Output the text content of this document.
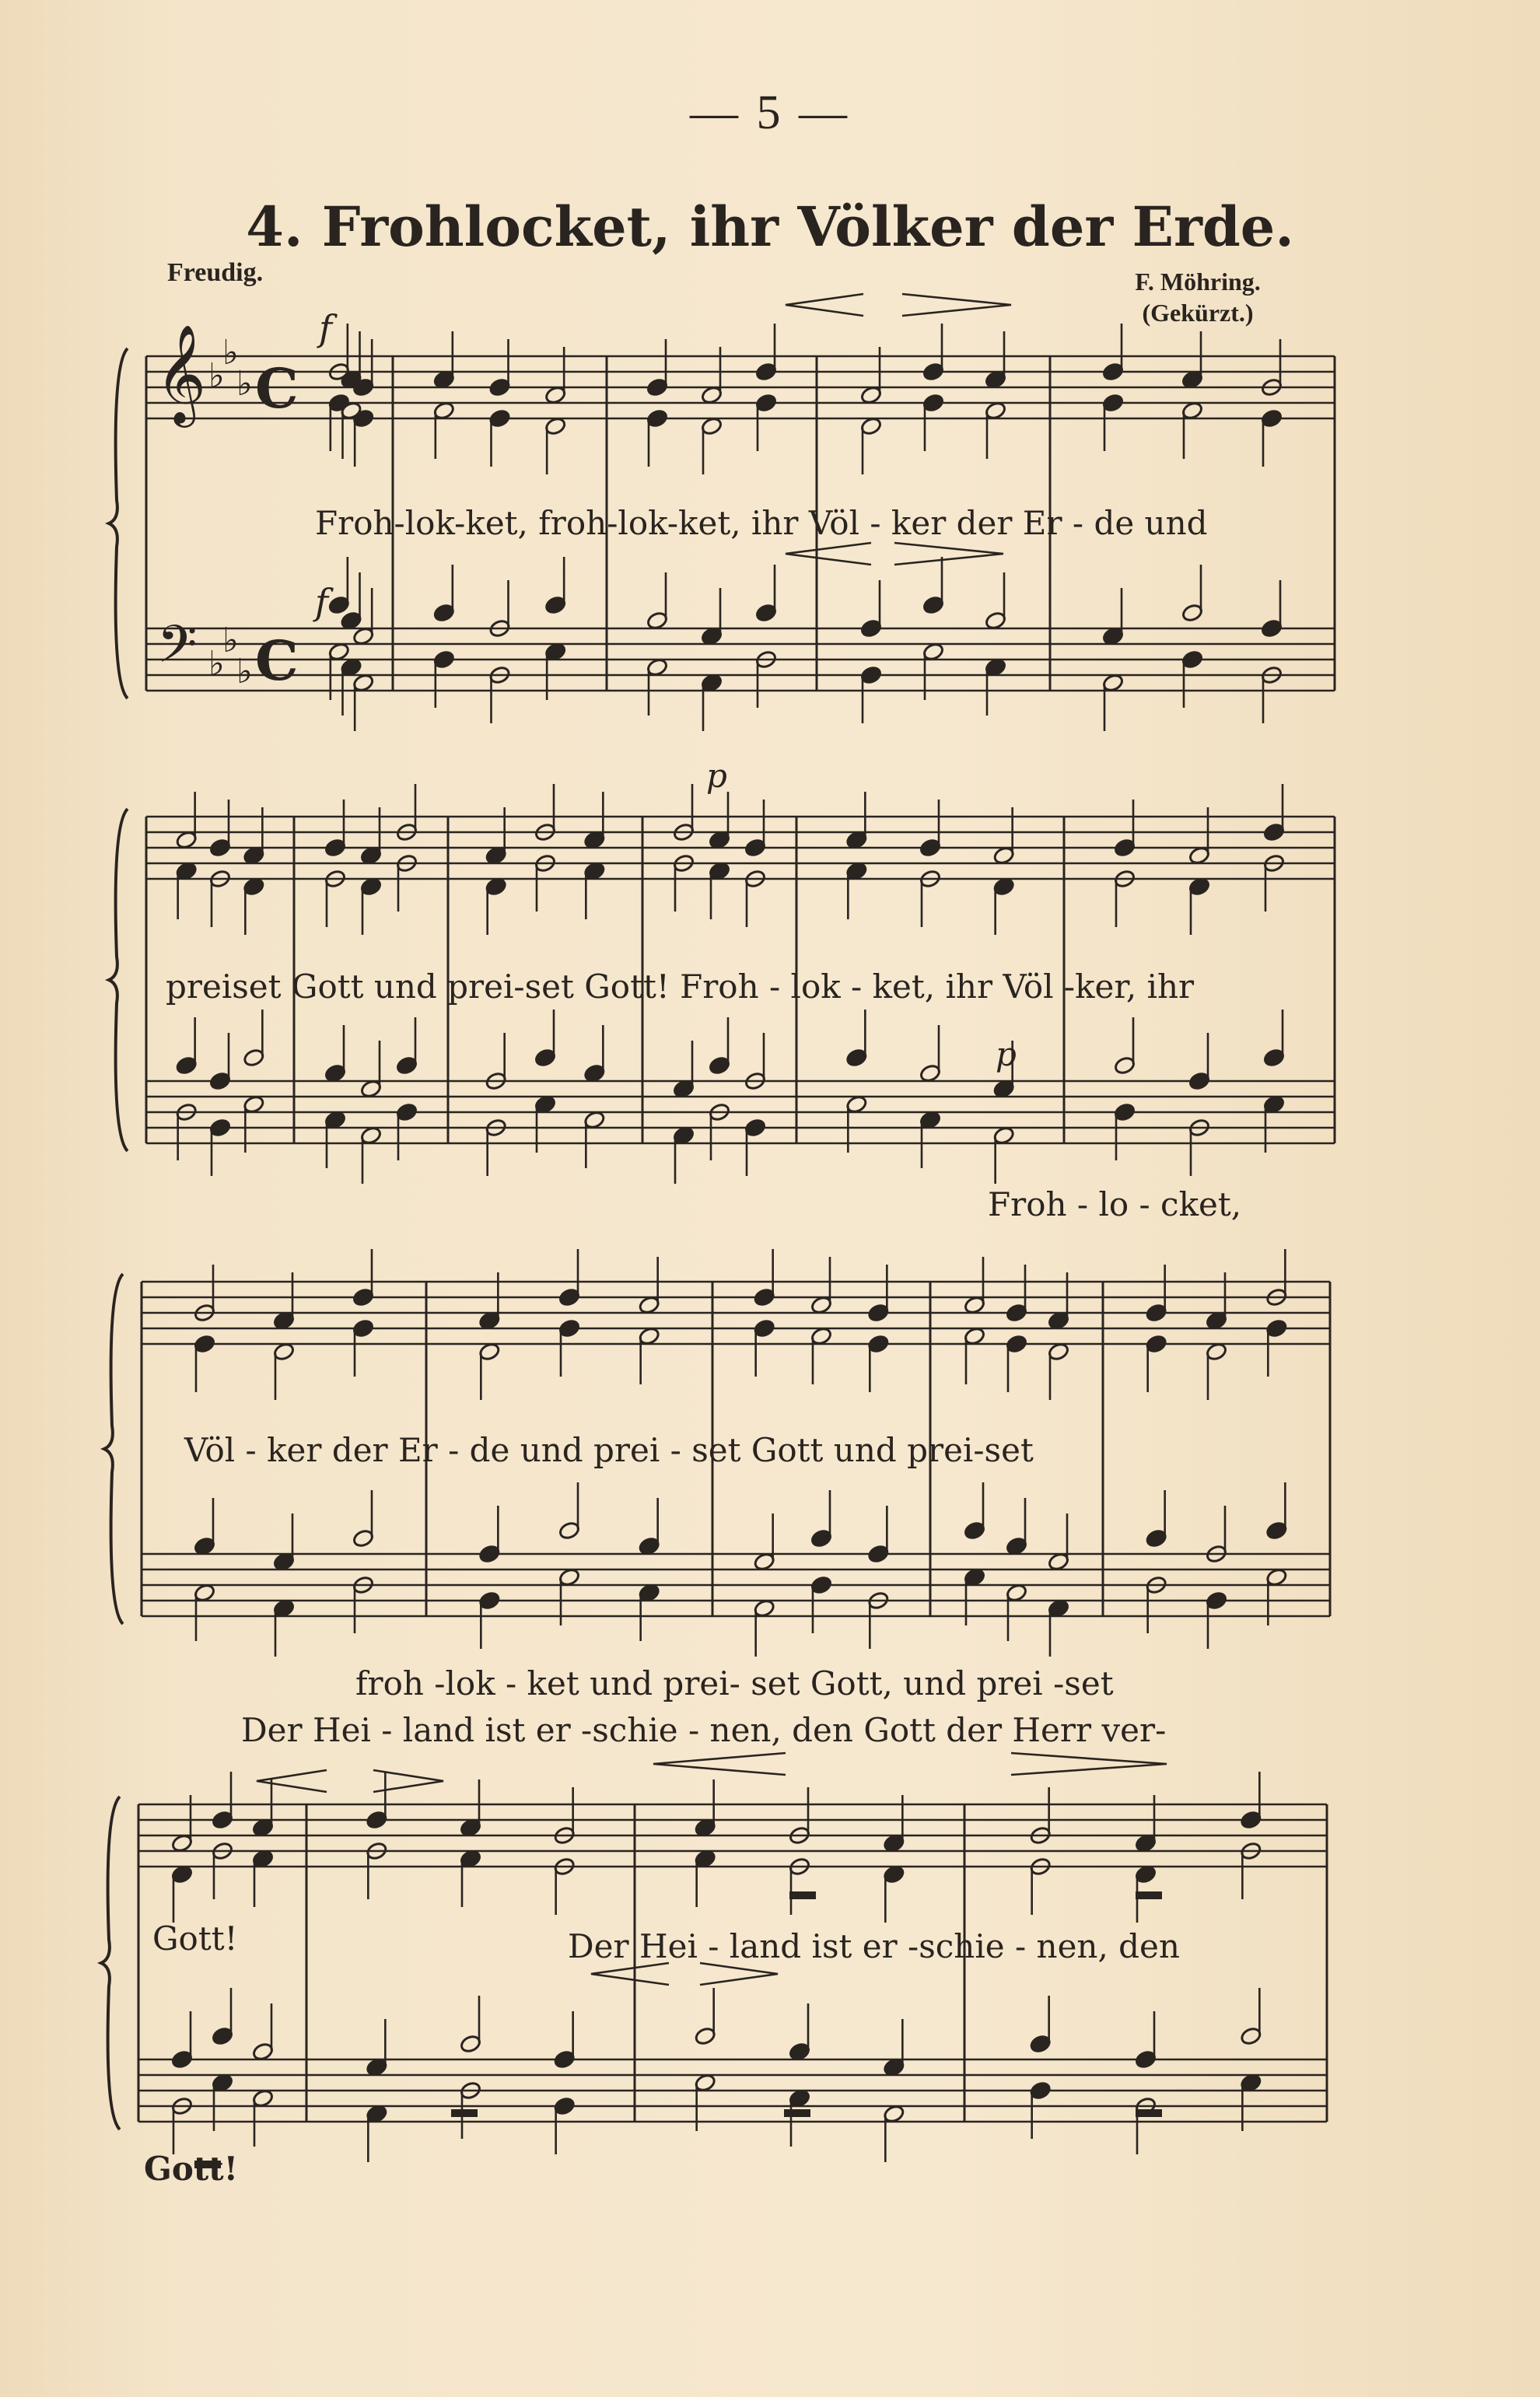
— 5 —
4. Frohlocket, ihr Völker der Erde.
Freudig.	F. Möhring.
(Gekürzt.)
f
f
p
p
𝄞
𝄢
♭
♭
♭
♭
♭
♭
C
C
Froh-lok-ket, froh-lok-ket, ihr Völ - ker der Er - de und
preiset Gott und prei-set Gott! Froh - lok - ket, ihr Völ -ker, ihr
Froh - lo - cket,
Völ - ker der Er - de und prei - set Gott und prei-set
froh -lok - ket und prei- set Gott, und prei -set
Der Hei - land ist er -schie - nen, den Gott der Herr ver-
Gott!	Der Hei - land ist er -schie - nen, den
Gott!
